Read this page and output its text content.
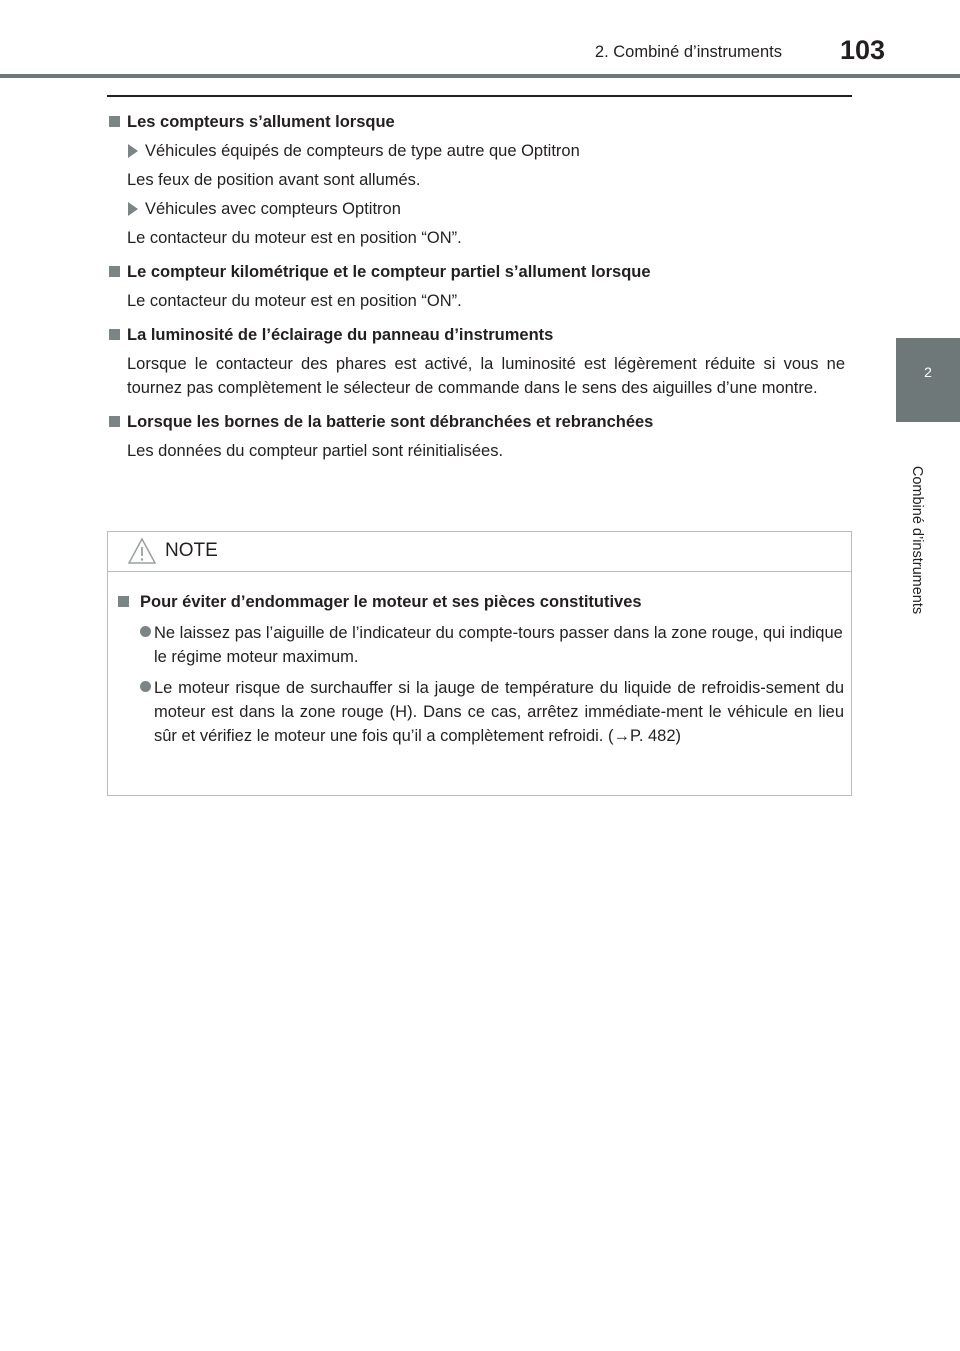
2. Combiné d’instruments 103
2
Combiné d’instruments
Les compteurs s’allument lorsque
Véhicules équipés de compteurs de type autre que Optitron

Les feux de position avant sont allumés.

Véhicules avec compteurs Optitron

Le contacteur du moteur est en position “ON”.

Le compteur kilométrique et le compteur partiel s’allument lorsque

Le contacteur du moteur est en position “ON”.

La luminosité de l’éclairage du panneau d’instruments

Lorsque le contacteur des phares est activé, la luminosité est légèrement réduite si vous ne tournez pas complètement le sélecteur de commande dans le sens des aiguilles d’une montre.

Lorsque les bornes de la batterie sont débranchées et rebranchées

Les données du compteur partiel sont réinitialisées.

NOTE
Pour éviter d’endommager le moteur et ses pièces constitutives
Ne laissez pas l’aiguille de l’indicateur du compte-tours passer dans la zone rouge, qui indique le régime moteur maximum.
Le moteur risque de surchauffer si la jauge de température du liquide de refroidis-sement du moteur est dans la zone rouge (H). Dans ce cas, arrêtez immédiate-ment le véhicule en lieu sûr et vérifiez le moteur une fois qu’il a complètement refroidi. (→P. 482)
